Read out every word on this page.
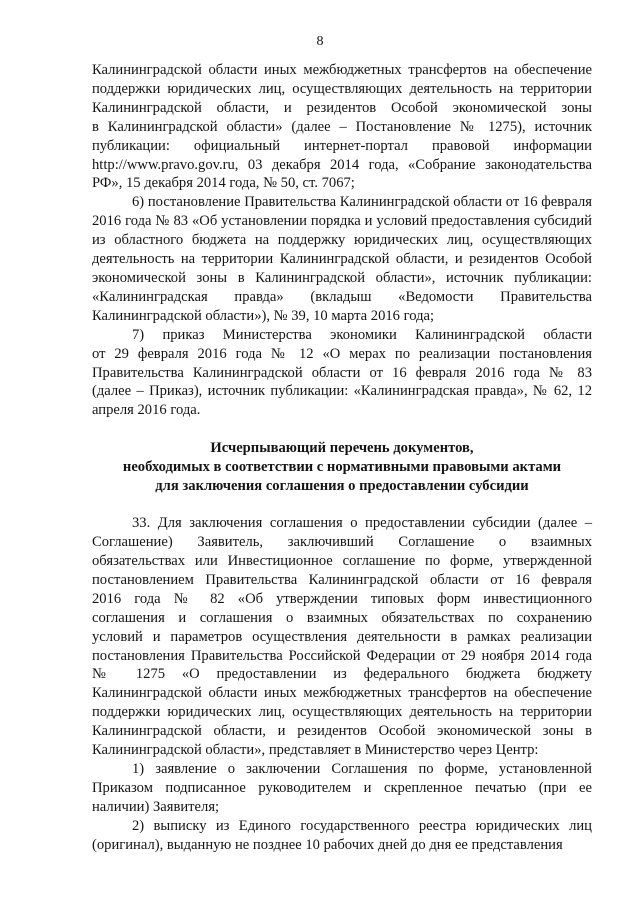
8

Калининградской области иных межбюджетных трансфертов на обеспечение
поддержки юридических лиц, осуществляющих деятельность на территории
Калининградской области, и резидентов Особой экономической зоны
в Калининградской области» (далее – Постановление № 1275), источник
публикации: официальный интернет-портал правовой информации
http://www.pravo.gov.ru, 03 декабря 2014 года, «Собрание законодательства
РФ», 15 декабря 2014 года, № 50, ст. 7067;

6) постановление Правительства Калининградской области от 16 февраля
2016 года № 83 «Об установлении порядка и условий предоставления субсидий
из областного бюджета на поддержку юридических лиц, осуществляющих
деятельность на территории Калининградской области, и резидентов Особой
экономической зоны в Калининградской области», источник публикации:
«Калининградская правда» (вкладыш «Ведомости Правительства
Калининградской области»), № 39, 10 марта 2016 года;

7) приказ Министерства экономики Калининградской области
от 29 февраля 2016 года № 12 «О мерах по реализации постановления
Правительства Калининградской области от 16 февраля 2016 года № 83
(далее – Приказ), источник публикации: «Калининградская правда», № 62, 12
апреля 2016 года.

Исчерпывающий перечень документов,
необходимых в соответствии с нормативными правовыми актами
для заключения соглашения о предоставлении субсидии

33. Для заключения соглашения о предоставлении субсидии (далее –
Соглашение) Заявитель, заключивший Соглашение о взаимных
обязательствах или Инвестиционное соглашение по форме, утвержденной
постановлением Правительства Калининградской области от 16 февраля
2016 года № 82 «Об утверждении типовых форм инвестиционного
соглашения и соглашения о взаимных обязательствах по сохранению
условий и параметров осуществления деятельности в рамках реализации
постановления Правительства Российской Федерации от 29 ноября 2014 года
№ 1275 «О предоставлении из федерального бюджета бюджету
Калининградской области иных межбюджетных трансфертов на обеспечение
поддержки юридических лиц, осуществляющих деятельность на территории
Калининградской области, и резидентов Особой экономической зоны в
Калининградской области», представляет в Министерство через Центр:

1) заявление о заключении Соглашения по форме, установленной
Приказом подписанное руководителем и скрепленное печатью (при ее
наличии) Заявителя;

2) выписку из Единого государственного реестра юридических лиц
(оригинал), выданную не позднее 10 рабочих дней до дня ее представления
